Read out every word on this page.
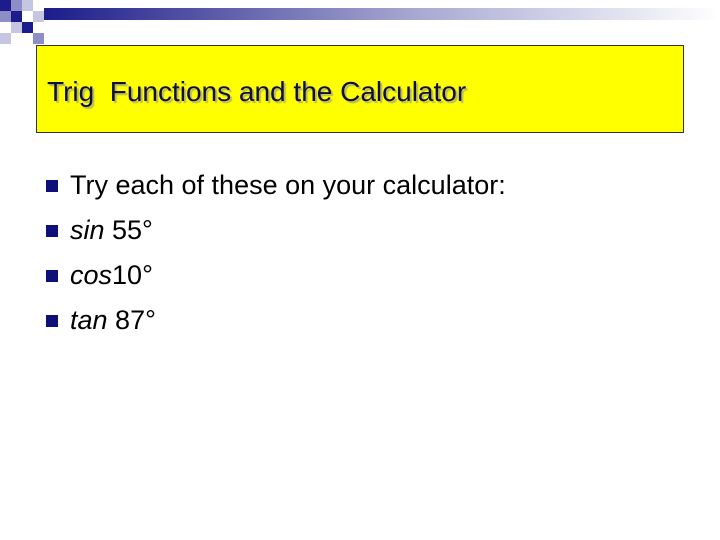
Trig  Functions and the Calculator
Try each of these on your calculator:
sin 55°
cos 10°
tan 87°
